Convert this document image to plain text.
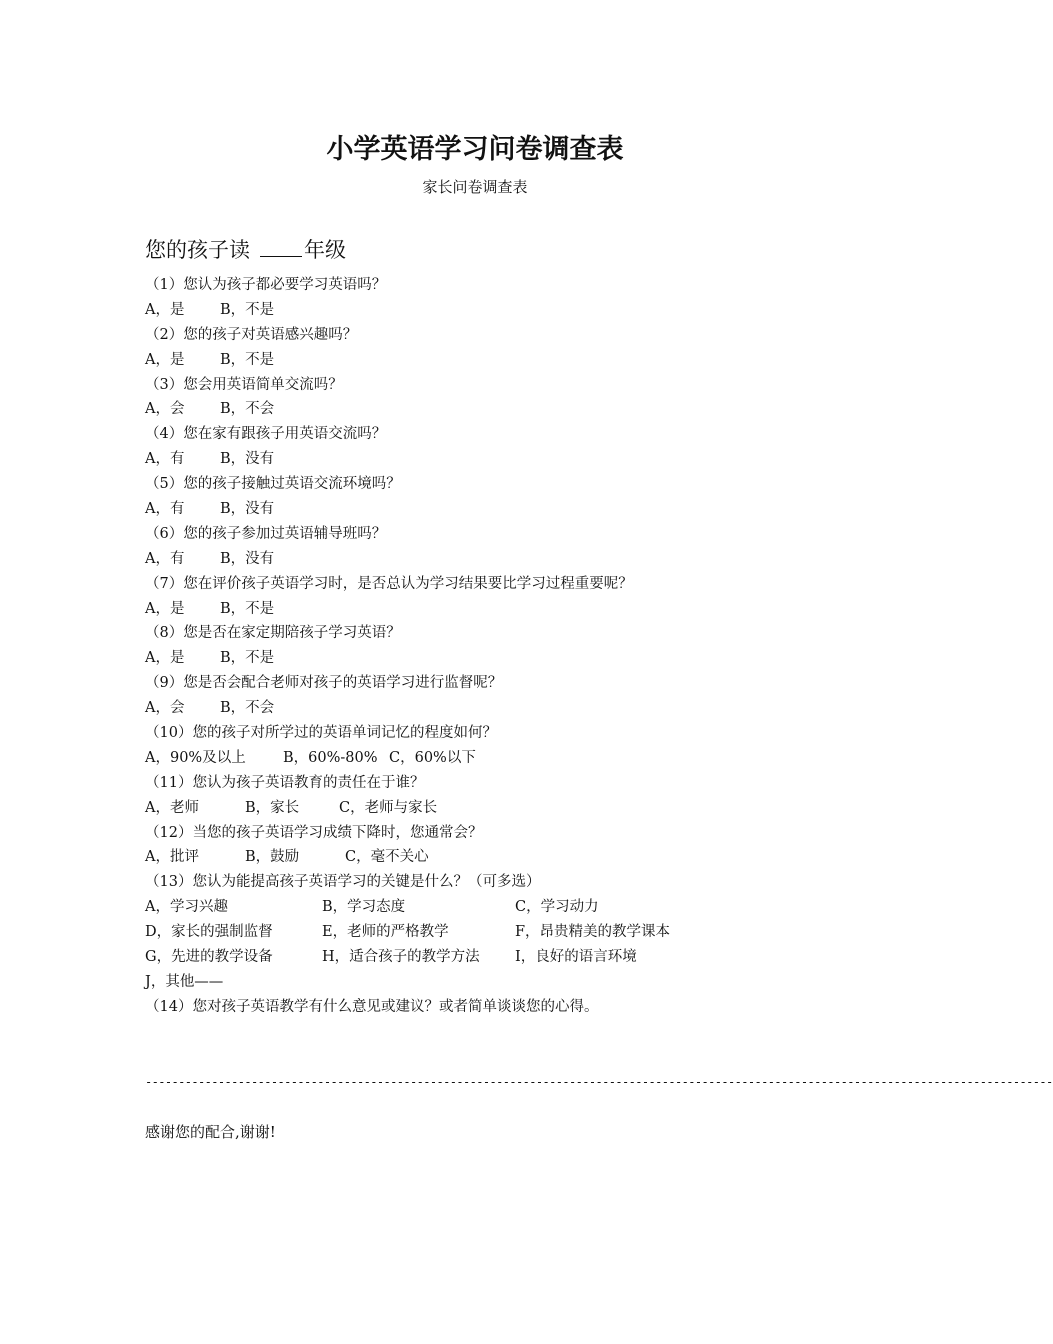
小学英语学习问卷调查表
家长问卷调查表
您的孩子读	年级
（1）您认为孩子都必要学习英语吗？
A，是 B，不是
（2）您的孩子对英语感兴趣吗？
A，是 B，不是
（3）您会用英语简单交流吗？
A，会 B，不会
（4）您在家有跟孩子用英语交流吗？
A，有 B，没有
（5）您的孩子接触过英语交流环境吗？
A，有 B，没有
（6）您的孩子参加过英语辅导班吗？
A，有 B，没有
（7）您在评价孩子英语学习时，是否总认为学习结果要比学习过程重要呢？
A，是 B，不是
（8）您是否在家定期陪孩子学习英语？
A，是 B，不是
（9）您是否会配合老师对孩子的英语学习进行监督呢？
A，会 B，不会
（10）您的孩子对所学过的英语单词记忆的程度如何？
A，90%及以上	B，60%-80% C，60%以下
（11）您认为孩子英语教育的责任在于谁？
A，老师	B，家长	C，老师与家长
（12）当您的孩子英语学习成绩下降时，您通常会？
A，批评	B，鼓励	C，毫不关心
（13）您认为能提高孩子英语学习的关键是什么？（可多选）
A，学习兴趣	B，学习态度	C，学习动力
D，家长的强制监督	E，老师的严格教学	F，昂贵精美的教学课本
G，先进的教学设备	H，适合孩子的教学方法 I，良好的语言环境
J，其他——
（14）您对孩子英语教学有什么意见或建议？或者简单谈谈您的心得。
-----------------------------------------------------------------------------------------------------------------------------------------
感谢您的配合,谢谢!
